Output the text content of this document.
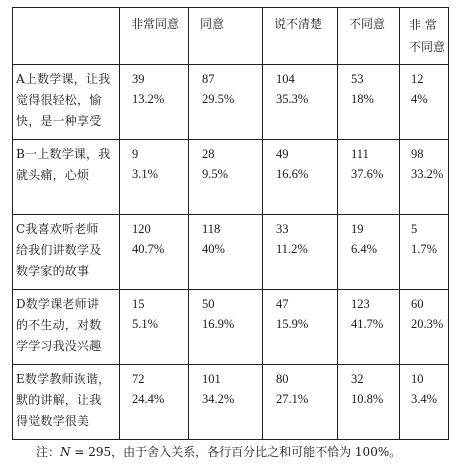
	非常同意	同意	说不清楚	不同意	非 常
不同意

A上数学课，让我
觉得很轻松，愉
快，是一种享受	39
13.2%	87
29.5%	104
35.3%	53
18%	12
4%

B一上数学课，我
就头痛，心烦	9
3.1%	28
9.5%	49
16.6%	111
37.6%	98
33.2%

C我喜欢听老师
给我们讲数学及
数学家的故事	120
40.7%	118
40%	33
11.2%	19
6.4%	5
1.7%

D数学课老师讲
的不生动，对数
学学习我没兴趣	15
5.1%	50
16.9%	47
15.9%	123
41.7%	60
20.3%

E数学教师诙谐，
默的讲解，让我
得觉数学很美	72
24.4%	101
34.2%	80
27.1%	32
10.8%	10
3.4%
注：N = 295，由于舍入关系，各行百分比之和可能不恰为 100%。
